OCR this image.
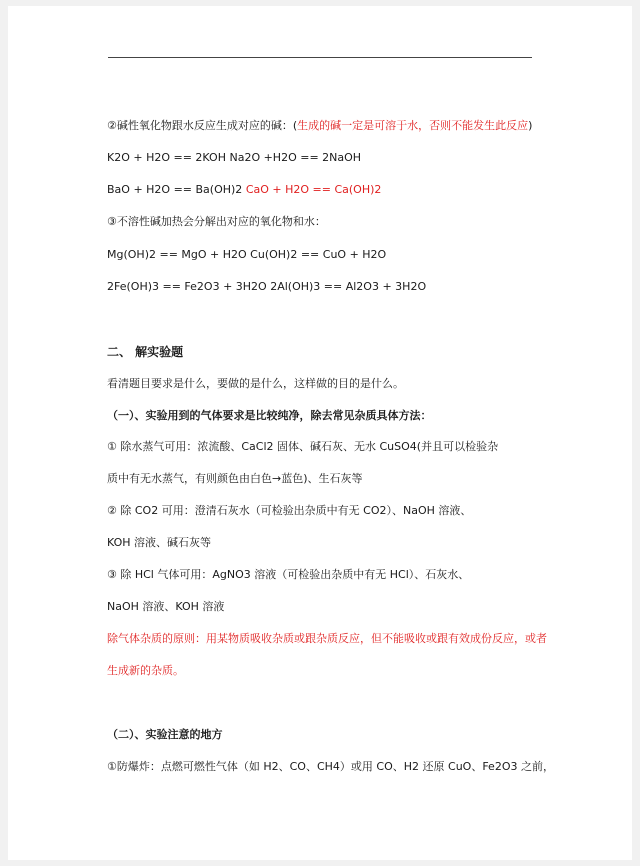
②碱性氧化物跟水反应生成对应的碱：(生成的碱一定是可溶于水，否则不能发生此反应)
K2O + H2O == 2KOH Na2O +H2O == 2NaOH
BaO + H2O == Ba(OH)2 CaO + H2O == Ca(OH)2
③不溶性碱加热会分解出对应的氧化物和水：
Mg(OH)2 == MgO + H2O Cu(OH)2 == CuO + H2O
2Fe(OH)3 == Fe2O3 + 3H2O 2Al(OH)3 == Al2O3 + 3H2O
二、 解实验题
看清题目要求是什么，要做的是什么，这样做的目的是什么。
（一）、实验用到的气体要求是比较纯净，除去常见杂质具体方法：
① 除水蒸气可用：浓流酸、CaCl2 固体、碱石灰、无水 CuSO4(并且可以检验杂
质中有无水蒸气，有则颜色由白色→蓝色)、生石灰等
② 除 CO2 可用：澄清石灰水（可检验出杂质中有无 CO2）、NaOH 溶液、
KOH 溶液、碱石灰等
③ 除 HCl 气体可用：AgNO3 溶液（可检验出杂质中有无 HCl）、石灰水、
NaOH 溶液、KOH 溶液
除气体杂质的原则：用某物质吸收杂质或跟杂质反应，但不能吸收或跟有效成份反应，或者
生成新的杂质。
（二）、实验注意的地方
①防爆炸：点燃可燃性气体（如 H2、CO、CH4）或用 CO、H2 还原 CuO、Fe2O3 之前，
